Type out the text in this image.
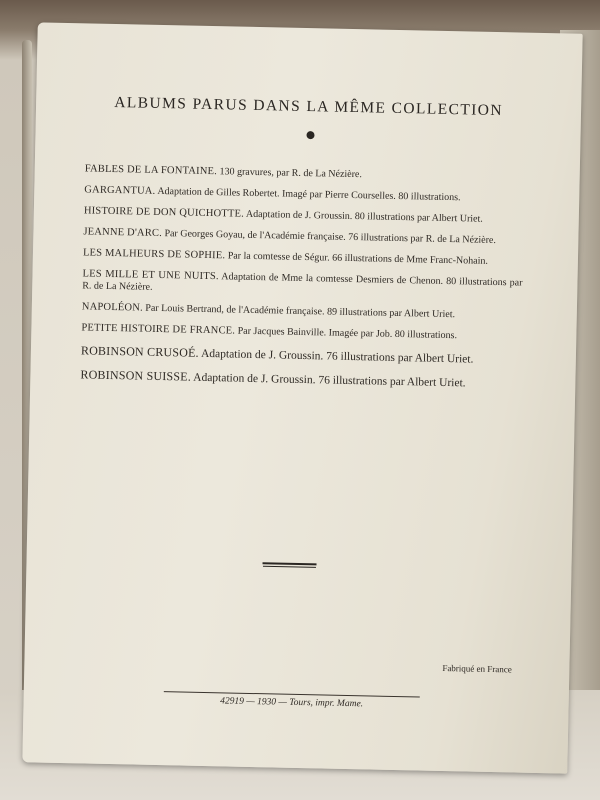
ALBUMS PARUS DANS LA MÊME COLLECTION
FABLES DE LA FONTAINE. 130 gravures, par R. de La Nézière.
GARGANTUA. Adaptation de Gilles Robertet. Imagé par Pierre Courselles. 80 illustrations.
HISTOIRE DE DON QUICHOTTE. Adaptation de J. Groussin. 80 illustrations par Albert Uriet.
JEANNE D'ARC. Par Georges Goyau, de l'Académie française. 76 illustrations par R. de La Nézière.
LES MALHEURS DE SOPHIE. Par la comtesse de Ségur. 66 illustrations de Mme Franc-Nohain.
LES MILLE ET UNE NUITS. Adaptation de Mme la comtesse Desmiers de Chenon. 80 illustrations par R. de La Nézière.
NAPOLÉON. Par Louis Bertrand, de l'Académie française. 89 illustrations par Albert Uriet.
PETITE HISTOIRE DE FRANCE. Par Jacques Bainville. Imagée par Job. 80 illustrations.
ROBINSON CRUSOÉ. Adaptation de J. Groussin. 76 illustrations par Albert Uriet.
ROBINSON SUISSE. Adaptation de J. Groussin. 76 illustrations par Albert Uriet.
Fabriqué en France
42919 — 1930 — Tours, impr. Mame.
